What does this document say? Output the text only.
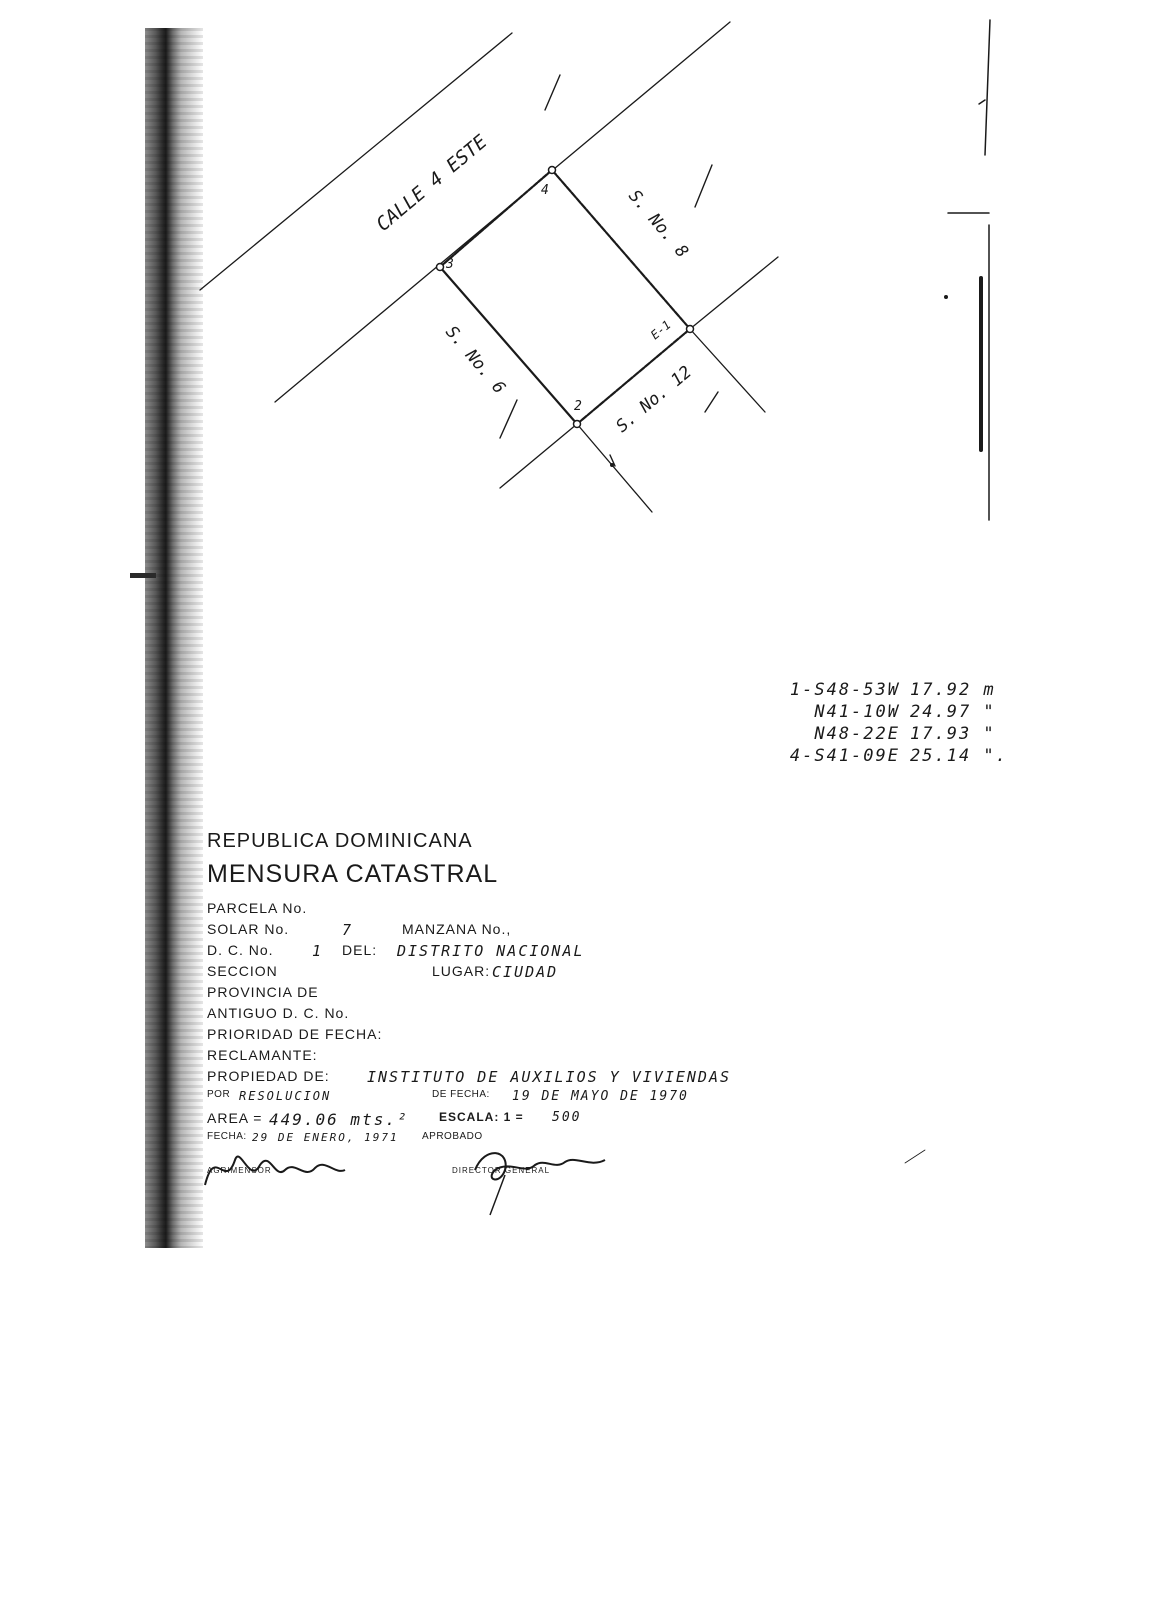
CALLE 4 ESTE	4
3
2
E-1
S. No. 8
S. No. 6
S. No. 12
1-S48-53W 17.92 m
N41-10W 24.97 "
N48-22E 17.93 "
4-S41-09E 25.14 ".
REPUBLICA DOMINICANA
MENSURA CATASTRAL
PARCELA No.
SOLAR No.	7	MANZANA No.,
D. C. No.	1 DEL: DISTRITO NACIONAL
SECCION	LUGAR: CIUDAD
PROVINCIA DE
ANTIGUO D. C. No.
PRIORIDAD DE FECHA:
RECLAMANTE:
PROPIEDAD DE: INSTITUTO DE AUXILIOS Y VIVIENDAS
POR RESOLUCION	DE FECHA: 19 DE MAYO DE 1970
AREA = 449.06 mts.²	ESCALA: 1 = 500
FECHA: 29 DE ENERO, 1971 APROBADO
AGRIMENSOR	DIRECTOR GENERAL
